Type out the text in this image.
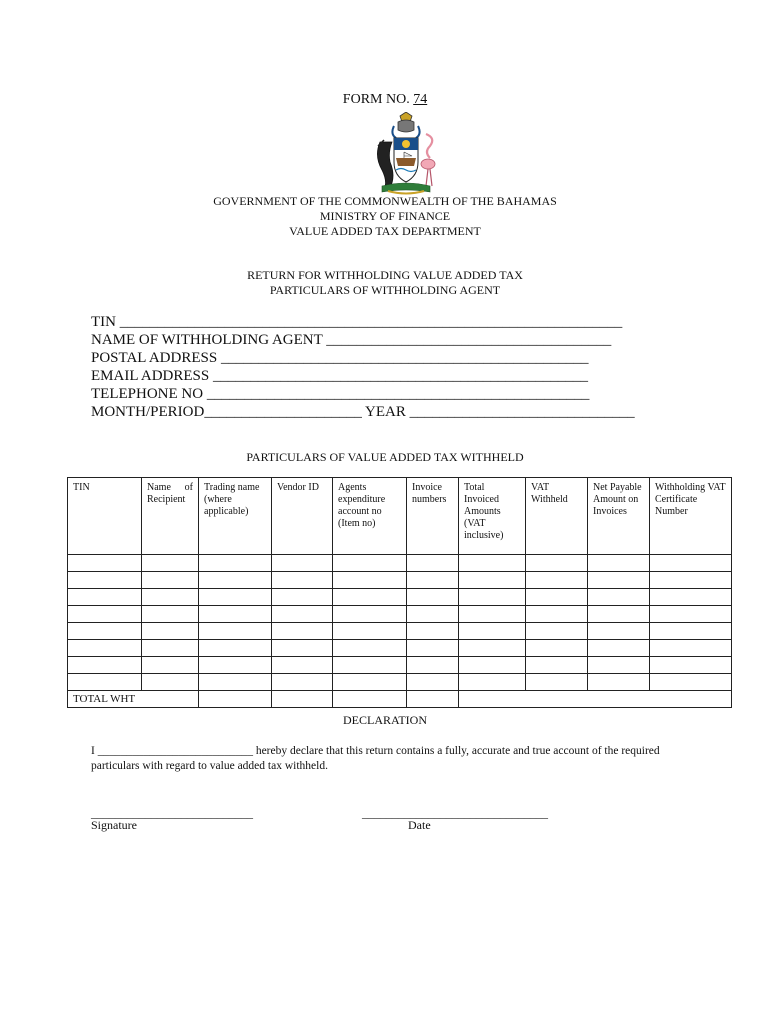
FORM NO. 74
GOVERNMENT OF THE COMMONWEALTH OF THE BAHAMAS
MINISTRY OF FINANCE
VALUE ADDED TAX DEPARTMENT
RETURN FOR WITHHOLDING VALUE ADDED TAX
PARTICULARS OF WITHHOLDING AGENT
TIN ___________________________________________________________________
NAME OF WITHHOLDING AGENT ______________________________________
POSTAL ADDRESS _________________________________________________
EMAIL ADDRESS __________________________________________________
TELEPHONE NO ___________________________________________________
MONTH/PERIOD_____________________ YEAR ______________________________
PARTICULARS OF VALUE ADDED TAX WITHHELD
TIN	Name of Recipient	Trading name (where applicable)	Vendor ID	Agents expenditure account no (Item no)	Invoice numbers	Total Invoiced Amounts (VAT inclusive)	VAT Withheld	Net Payable Amount on Invoices	Withholding VAT Certificate Number

TOTAL WHT									
DECLARATION
I ___________________________ hereby declare that this return contains a fully, accurate and true account of the required particulars with regard to value added tax withheld.
___________________________
Signature
_______________________________
Date
